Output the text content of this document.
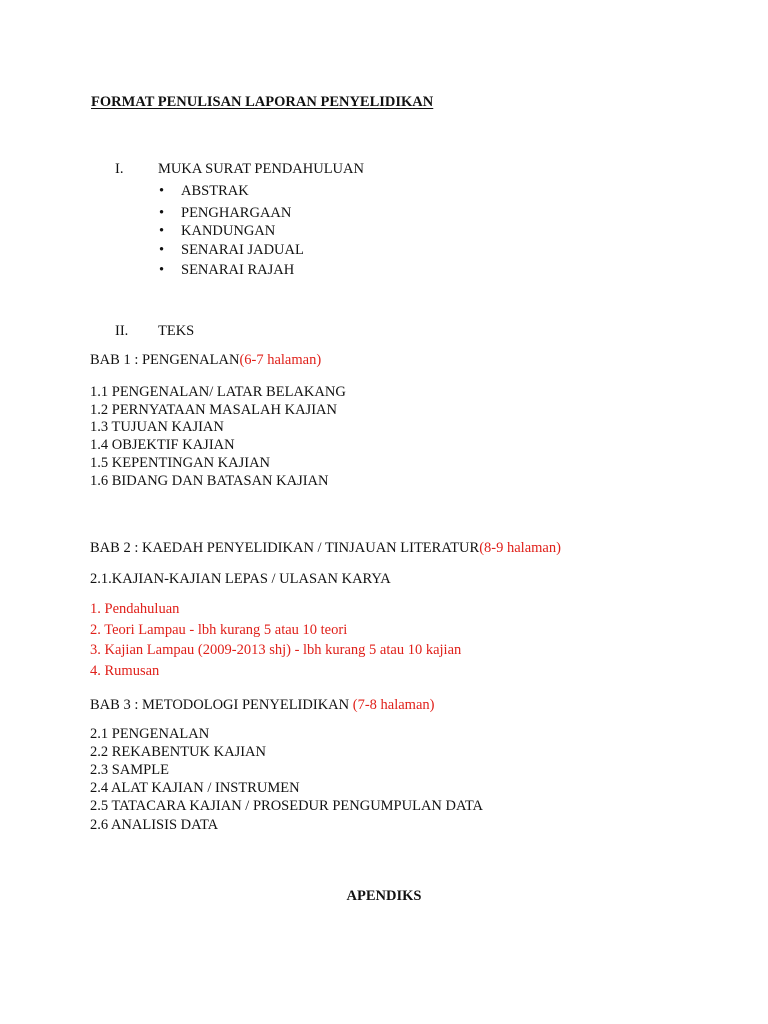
FORMAT PENULISAN LAPORAN PENYELIDIKAN
I. MUKA SURAT PENDAHULUAN
• ABSTRAK
• PENGHARGAAN
• KANDUNGAN
• SENARAI JADUAL
• SENARAI RAJAH
II. TEKS
BAB 1 : PENGENALAN(6-7 halaman)
1.1 PENGENALAN/ LATAR BELAKANG
1.2 PERNYATAAN MASALAH KAJIAN
1.3 TUJUAN KAJIAN
1.4 OBJEKTIF KAJIAN
1.5 KEPENTINGAN KAJIAN
1.6 BIDANG DAN BATASAN KAJIAN
BAB 2 : KAEDAH PENYELIDIKAN / TINJAUAN LITERATUR(8-9 halaman)
2.1.KAJIAN-KAJIAN LEPAS / ULASAN KARYA
1. Pendahuluan
2. Teori Lampau - lbh kurang 5 atau 10 teori
3. Kajian Lampau (2009-2013 shj) - lbh kurang 5 atau 10 kajian
4. Rumusan
BAB 3 : METODOLOGI PENYELIDIKAN (7-8 halaman)
2.1 PENGENALAN
2.2 REKABENTUK KAJIAN
2.3 SAMPLE
2.4 ALAT KAJIAN / INSTRUMEN
2.5 TATACARA KAJIAN / PROSEDUR PENGUMPULAN DATA
2.6 ANALISIS DATA
APENDIKS
